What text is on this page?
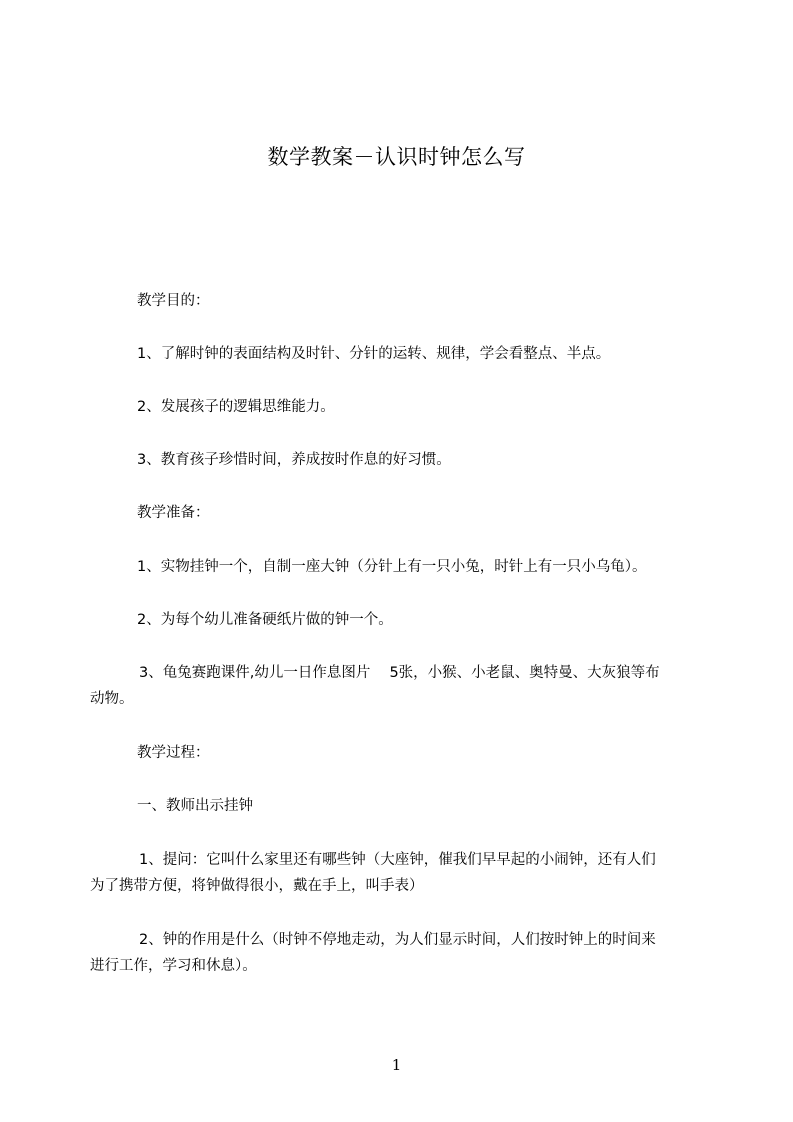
数学教案－认识时钟怎么写
教学目的：
1、了解时钟的表面结构及时针、分针的运转、规律，学会看整点、半点。
2、发展孩子的逻辑思维能力。
3、教育孩子珍惜时间，养成按时作息的好习惯。
教学准备：
1、实物挂钟一个，自制一座大钟（分针上有一只小兔，时针上有一只小乌龟）。
2、为每个幼儿准备硬纸片做的钟一个。
3、龟兔赛跑课件,幼儿一日作息图片　 5张，小猴、小老鼠、奥特曼、大灰狼等布
动物。
教学过程：
一、教师出示挂钟
1、提问：它叫什么家里还有哪些钟（大座钟，催我们早早起的小闹钟，还有人们
为了携带方便，将钟做得很小，戴在手上，叫手表）
2、钟的作用是什么（时钟不停地走动，为人们显示时间，人们按时钟上的时间来
进行工作，学习和休息）。
1
